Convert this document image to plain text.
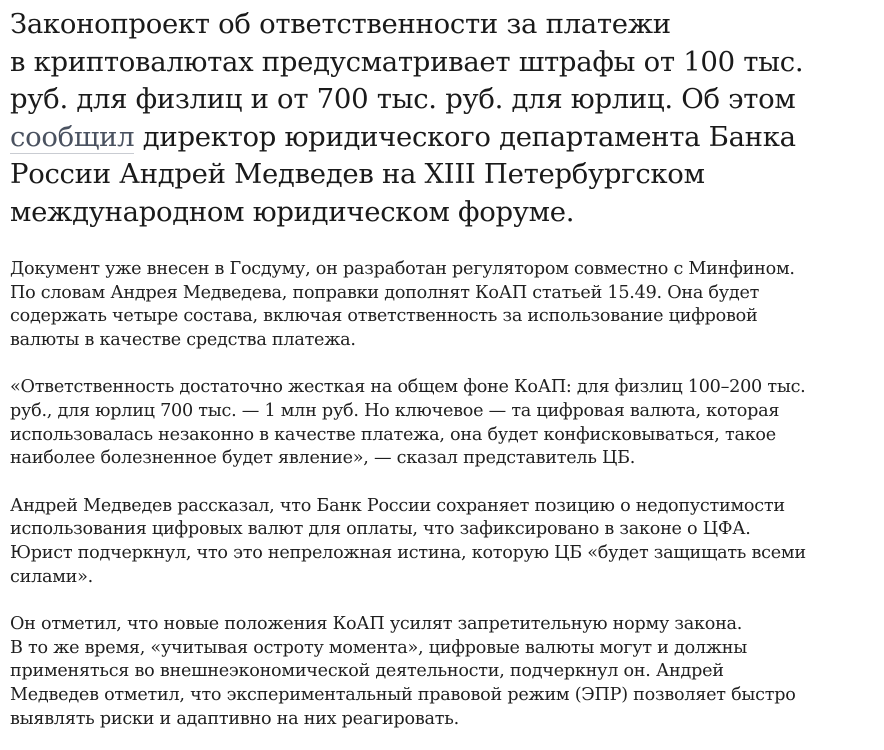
Законопроект об ответственности за платежи
в криптовалютах предусматривает штрафы от 100 тыс.
руб. для физлиц и от 700 тыс. руб. для юрлиц. Об этом
сообщил директор юридического департамента Банка
России Андрей Медведев на XIII Петербургском
международном юридическом форуме.

Документ уже внесен в Госдуму, он разработан регулятором совместно с Минфином.
По словам Андрея Медведева, поправки дополнят КоАП статьей 15.49. Она будет
содержать четыре состава, включая ответственность за использование цифровой
валюты в качестве средства платежа.

«Ответственность достаточно жесткая на общем фоне КоАП: для физлиц 100–200 тыс.
руб., для юрлиц 700 тыс. — 1 млн руб. Но ключевое — та цифровая валюта, которая
использовалась незаконно в качестве платежа, она будет конфисковываться, такое
наиболее болезненное будет явление», — сказал представитель ЦБ.

Андрей Медведев рассказал, что Банк России сохраняет позицию о недопустимости
использования цифровых валют для оплаты, что зафиксировано в законе о ЦФА.
Юрист подчеркнул, что это непреложная истина, которую ЦБ «будет защищать всеми
силами».

Он отметил, что новые положения КоАП усилят запретительную норму закона.
В то же время, «учитывая остроту момента», цифровые валюты могут и должны
применяться во внешнеэкономической деятельности, подчеркнул он. Андрей
Медведев отметил, что экспериментальный правовой режим (ЭПР) позволяет быстро
выявлять риски и адаптивно на них реагировать.
